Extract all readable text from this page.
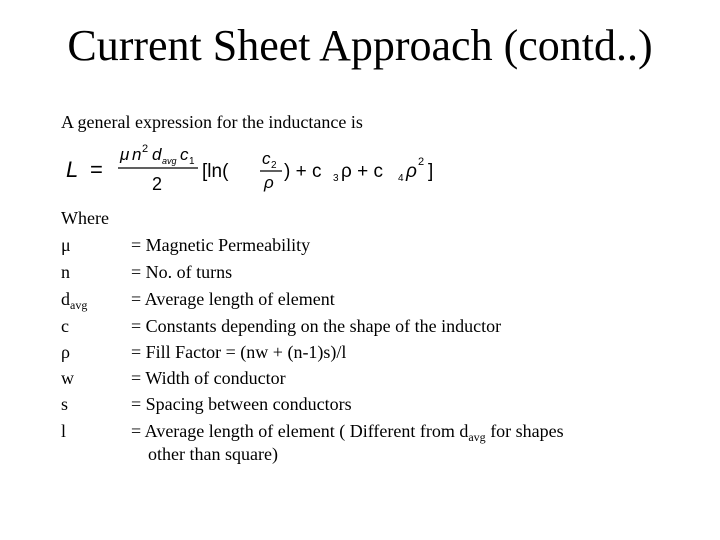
Current Sheet Approach (contd..)
A general expression for the inductance is
L =
μ n 2 d avg c 1
2
[ln(
c 2
ρ
) + c 3 ρ + c 4 ρ 2 ]
Where
μ	= Magnetic Permeability
n	= No. of turns
$d_{avg}$ = Average length of element
c	= Constants depending on the shape of the inductor
ρ	= Fill Factor = (nw + (n-1)s)/l
w	= Width of conductor
s	= Spacing between conductors
l	= Average length of element ( Different from $d_{avg}$ for shapes
other than square)
